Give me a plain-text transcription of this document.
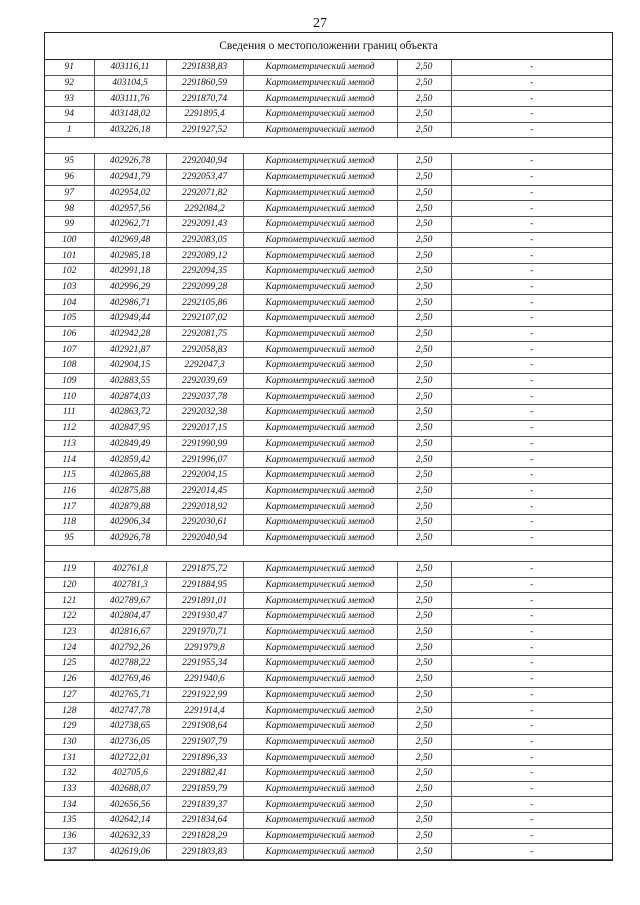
27
Сведения о местоположении границ объекта
91	403116,11	2291838,83	Картометрический метод	2,50	-
92	403104,5	2291860,59	Картометрический метод	2,50	-
93	403111,76	2291870,74	Картометрический метод	2,50	-
94	403148,02	2291895,4	Картометрический метод	2,50	-
1	403226,18	2291927,52	Картометрический метод	2,50	-

95	402926,78	2292040,94	Картометрический метод	2,50	-
96	402941,79	2292053,47	Картометрический метод	2,50	-
97	402954,02	2292071,82	Картометрический метод	2,50	-
98	402957,56	2292084,2	Картометрический метод	2,50	-
99	402962,71	2292091,43	Картометрический метод	2,50	-
100	402969,48	2292083,05	Картометрический метод	2,50	-
101	402985,18	2292089,12	Картометрический метод	2,50	-
102	402991,18	2292094,35	Картометрический метод	2,50	-
103	402996,29	2292099,28	Картометрический метод	2,50	-
104	402986,71	2292105,86	Картометрический метод	2,50	-
105	402949,44	2292107,02	Картометрический метод	2,50	-
106	402942,28	2292081,75	Картометрический метод	2,50	-
107	402921,87	2292058,83	Картометрический метод	2,50	-
108	402904,15	2292047,3	Картометрический метод	2,50	-
109	402883,55	2292039,69	Картометрический метод	2,50	-
110	402874,03	2292037,78	Картометрический метод	2,50	-
111	402863,72	2292032,38	Картометрический метод	2,50	-
112	402847,95	2292017,15	Картометрический метод	2,50	-
113	402849,49	2291990,99	Картометрический метод	2,50	-
114	402859,42	2291996,07	Картометрический метод	2,50	-
115	402865,88	2292004,15	Картометрический метод	2,50	-
116	402875,88	2292014,45	Картометрический метод	2,50	-
117	402879,88	2292018,92	Картометрический метод	2,50	-
118	402906,34	2292030,61	Картометрический метод	2,50	-
95	402926,78	2292040,94	Картометрический метод	2,50	-

119	402761,8	2291875,72	Картометрический метод	2,50	-
120	402781,3	2291884,95	Картометрический метод	2,50	-
121	402789,67	2291891,01	Картометрический метод	2,50	-
122	402804,47	2291930,47	Картометрический метод	2,50	-
123	402816,67	2291970,71	Картометрический метод	2,50	-
124	402792,26	2291979,8	Картометрический метод	2,50	-
125	402788,22	2291955,34	Картометрический метод	2,50	-
126	402769,46	2291940,6	Картометрический метод	2,50	-
127	402765,71	2291922,99	Картометрический метод	2,50	-
128	402747,78	2291914,4	Картометрический метод	2,50	-
129	402738,65	2291908,64	Картометрический метод	2,50	-
130	402736,05	2291907,79	Картометрический метод	2,50	-
131	402722,01	2291896,33	Картометрический метод	2,50	-
132	402705,6	2291882,41	Картометрический метод	2,50	-
133	402688,07	2291859,79	Картометрический метод	2,50	-
134	402656,56	2291839,37	Картометрический метод	2,50	-
135	402642,14	2291834,64	Картометрический метод	2,50	-
136	402632,33	2291828,29	Картометрический метод	2,50	-
137	402619,06	2291803,83	Картометрический метод	2,50	-
